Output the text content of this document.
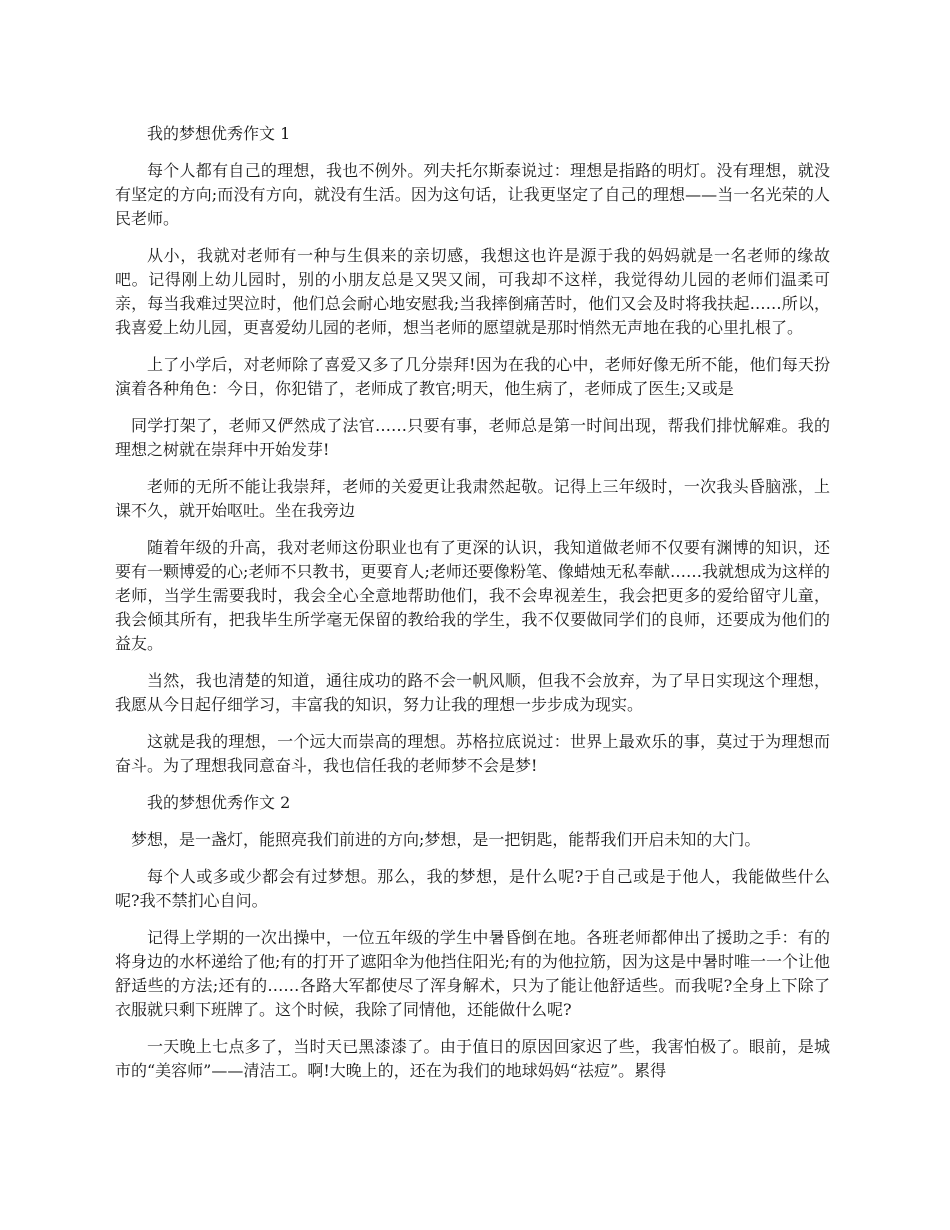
我的梦想优秀作文 1

每个人都有自己的理想，我也不例外。列夫托尔斯泰说过：理想是指路的明灯。没有理想，就没有坚定的方向;而没有方向，就没有生活。因为这句话，让我更坚定了自己的理想——当一名光荣的人民老师。

从小，我就对老师有一种与生俱来的亲切感，我想这也许是源于我的妈妈就是一名老师的缘故吧。记得刚上幼儿园时，别的小朋友总是又哭又闹，可我却不这样，我觉得幼儿园的老师们温柔可亲，每当我难过哭泣时，他们总会耐心地安慰我;当我摔倒痛苦时，他们又会及时将我扶起……所以，我喜爱上幼儿园，更喜爱幼儿园的老师，想当老师的愿望就是那时悄然无声地在我的心里扎根了。

上了小学后，对老师除了喜爱又多了几分崇拜!因为在我的心中，老师好像无所不能，他们每天扮演着各种角色：今日，你犯错了，老师成了教官;明天，他生病了，老师成了医生;又或是

同学打架了，老师又俨然成了法官……只要有事，老师总是第一时间出现，帮我们排忧解难。我的理想之树就在崇拜中开始发芽!

老师的无所不能让我崇拜，老师的关爱更让我肃然起敬。记得上三年级时，一次我头昏脑涨，上课不久，就开始呕吐。坐在我旁边

随着年级的升高，我对老师这份职业也有了更深的认识，我知道做老师不仅要有渊博的知识，还要有一颗博爱的心;老师不只教书，更要育人;老师还要像粉笔、像蜡烛无私奉献……我就想成为这样的老师，当学生需要我时，我会全心全意地帮助他们，我不会卑视差生，我会把更多的爱给留守儿童，我会倾其所有，把我毕生所学毫无保留的教给我的学生，我不仅要做同学们的良师，还要成为他们的益友。

当然，我也清楚的知道，通往成功的路不会一帆风顺，但我不会放弃，为了早日实现这个理想，我愿从今日起仔细学习，丰富我的知识，努力让我的理想一步步成为现实。

这就是我的理想，一个远大而崇高的理想。苏格拉底说过：世界上最欢乐的事，莫过于为理想而奋斗。为了理想我同意奋斗，我也信任我的老师梦不会是梦!

我的梦想优秀作文 2

梦想，是一盏灯，能照亮我们前进的方向;梦想，是一把钥匙，能帮我们开启未知的大门。

每个人或多或少都会有过梦想。那么，我的梦想，是什么呢?于自己或是于他人，我能做些什么呢?我不禁扪心自问。

记得上学期的一次出操中，一位五年级的学生中暑昏倒在地。各班老师都伸出了援助之手：有的将身边的水杯递给了他;有的打开了遮阳伞为他挡住阳光;有的为他拉筋，因为这是中暑时唯一一个让他舒适些的方法;还有的……各路大军都使尽了浑身解术，只为了能让他舒适些。而我呢?全身上下除了衣服就只剩下班牌了。这个时候，我除了同情他，还能做什么呢?

一天晚上七点多了，当时天已黑漆漆了。由于值日的原因回家迟了些，我害怕极了。眼前，是城市的“美容师”——清洁工。啊!大晚上的，还在为我们的地球妈妈“祛痘”。累得
